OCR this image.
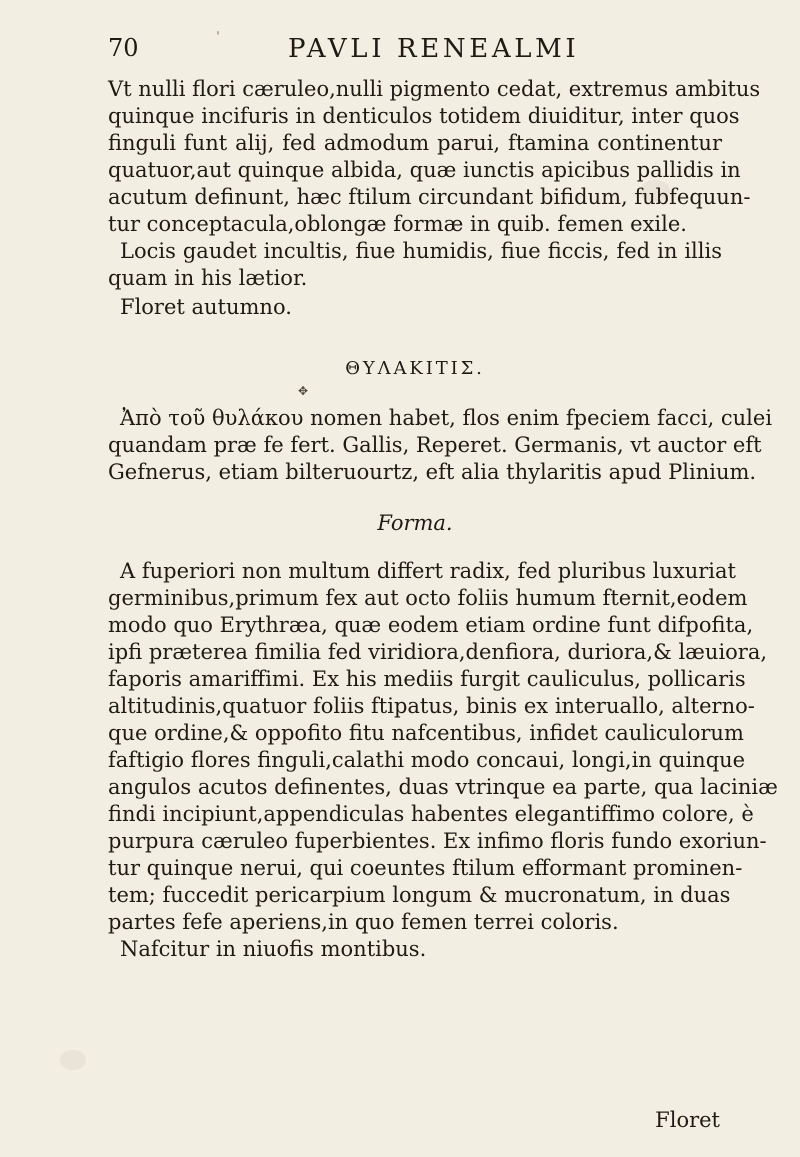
70	ˈ PAVLI RENEALMI
Vt nulli flori cæruleo,nulli pigmento cedat, extremus ambitus
quinque incifuris in denticulos totidem diuiditur, inter quos
finguli funt alij, fed admodum parui, ftamina continentur
quatuor,aut quinque albida, quæ iunctis apicibus pallidis in
acutum definunt, hæc ftilum circundant bifidum, fubfequun-
tur conceptacula,oblongæ formæ in quib. femen exile.
Locis gaudet incultis, fiue humidis, fiue ficcis, fed in illis
quam in his lætior.
Floret autumno.
ΘΥΛΑΚΙΤΙΣ.
✥
Ἀπὸ τοῦ θυλάκου nomen habet, flos enim fpeciem facci, culei
quandam præ fe fert. Gallis, Reperet. Germanis, vt auctor eft
Gefnerus, etiam bilteruourtz, eft alia thylaritis apud Plinium.
Forma.
A fuperiori non multum differt radix, fed pluribus luxuriat
germinibus,primum fex aut octo foliis humum fternit,eodem
modo quo Erythræa, quæ eodem etiam ordine funt difpofita,
ipfi præterea fimilia fed viridiora,denfiora, duriora,& læuiora,
faporis amariffimi. Ex his mediis furgit cauliculus, pollicaris
altitudinis,quatuor foliis ftipatus, binis ex interuallo, alterno-
que ordine,& oppofito fitu nafcentibus, infidet cauliculorum
faftigio flores finguli,calathi modo concaui, longi,in quinque
angulos acutos definentes, duas vtrinque ea parte, qua laciniæ
findi incipiunt,appendiculas habentes elegantiffimo colore, è
purpura cæruleo fuperbientes. Ex infimo floris fundo exoriun-
tur quinque nerui, qui coeuntes ftilum efformant prominen-
tem; fuccedit pericarpium longum & mucronatum, in duas
partes fefe aperiens,in quo femen terrei coloris.
Nafcitur in niuofis montibus.
Floret
